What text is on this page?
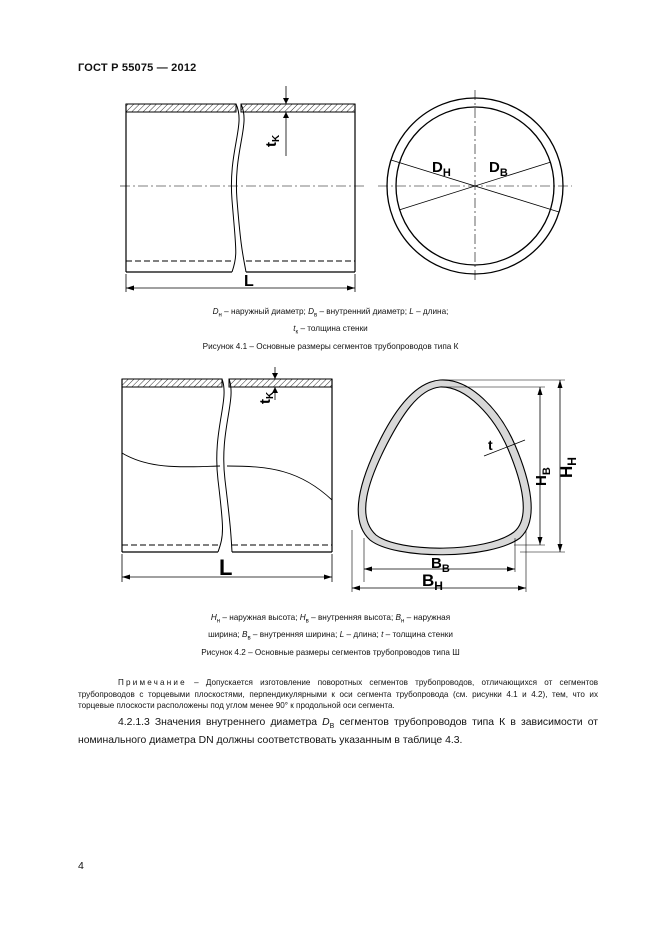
ГОСТ Р 55075 — 2012
$t_K$
L
$D_H$	$D_B$
$D_н$ – наружный диаметр; $D_в$ – внутренний диаметр; L – длина;
$t_к$ – толщина стенки
Рисунок 4.1 – Основные размеры сегментов трубопроводов типа К
$t_K$
L
t
$H_B$ $H_H$
$B_B$
$B_H$
$H_н$ – наружная высота; $H_в$ – внутренняя высота; $B_н$ – наружная
ширина; $B_в$ – внутренняя ширина; L – длина; t – толщина стенки
Рисунок 4.2 – Основные размеры сегментов трубопроводов типа Ш
Примечание – Допускается изготовление поворотных сегментов трубопроводов, отличающихся от сегментов трубопроводов с торцевыми плоскостями, перпендикулярными к оси сегмента трубопровода (см. рисунки 4.1 и 4.2), тем, что их торцевые плоскости расположены под углом менее 90° к продольной оси сегмента.
4.2.1.3 Значения внутреннего диаметра $D_B$ сегментов трубопроводов типа К в зависимости от номинального диаметра DN должны соответствовать указанным в таблице 4.3.
4
